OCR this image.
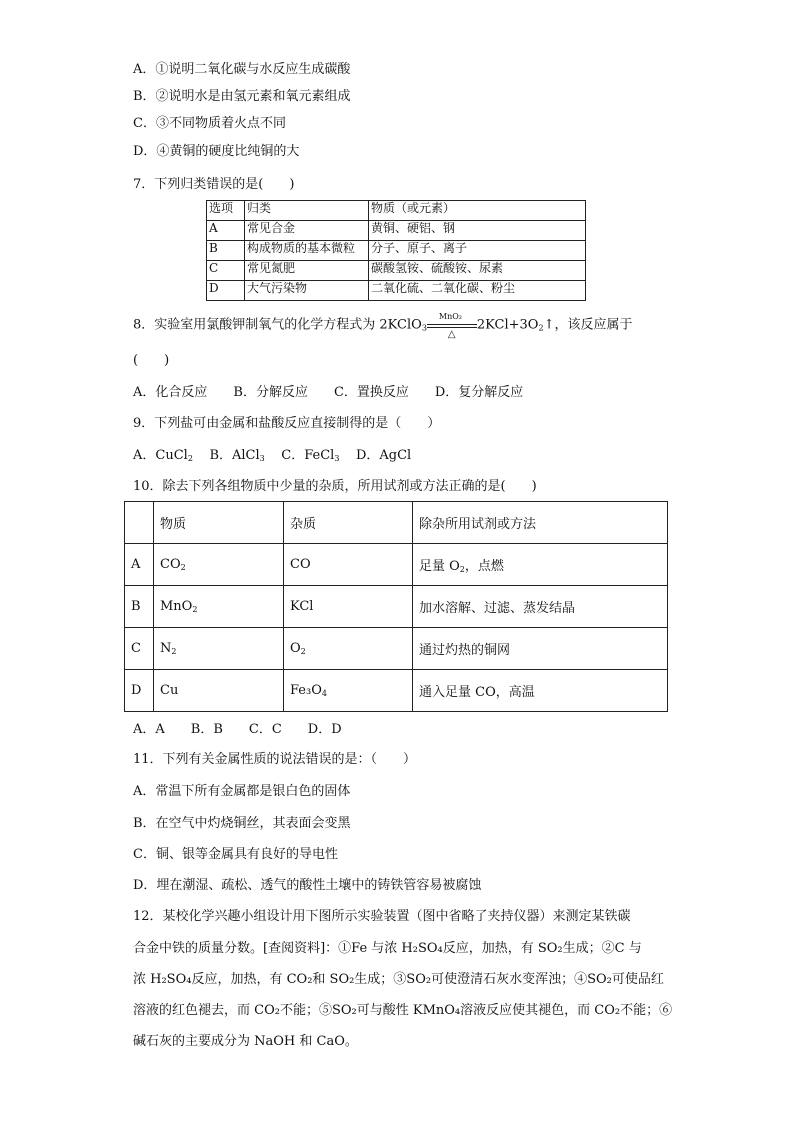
A．①说明二氧化碳与水反应生成碳酸
B．②说明水是由氢元素和氧元素组成
C．③不同物质着火点不同
D．④黄铜的硬度比纯铜的大
7．下列归类错误的是(　　)
选项	归类	物质（或元素）
A	常见合金	黄铜、硬铝、钢
B	构成物质的基本微粒	分子、原子、离子
C	常见氮肥	碳酸氢铵、硫酸铵、尿素
D	大气污染物	二氧化硫、二氧化碳、粉尘
8．实验室用氯酸钾制氧气的化学方程式为 2KClO$_3$
MnO₂
△
$2KCl+3O_2↑$，该反应属于
(　　)
A．化合反应　　B．分解反应　　C．置换反应　　D．复分解反应
9．下列盐可由金属和盐酸反应直接制得的是（　　）
A．CuCl$_2$ B．AlCl$_3$ C．FeCl$_3$ D．AgCl
10．除去下列各组物质中少量的杂质，所用试剂或方法正确的是(　　)
	物质	杂质	除杂所用试剂或方法
A	$CO_2$	CO	足量 $O_2$，点燃
B	MnO$_2$	KCl	加水溶解、过滤、蒸发结晶
C	$N_2$	$O_2$	通过灼热的铜网
D	Cu	$Fe_3O_4$	通入足量 CO，高温
A．A　　B．B　　C．C　　D．D
11．下列有关金属性质的说法错误的是：（　　）
A．常温下所有金属都是银白色的固体
B．在空气中灼烧铜丝，其表面会变黑
C．铜、银等金属具有良好的导电性
D．埋在潮湿、疏松、透气的酸性土壤中的铸铁管容易被腐蚀
12．某校化学兴趣小组设计用下图所示实验装置（图中省略了夹持仪器）来测定某铁碳
合金中铁的质量分数。[查阅资料]：①Fe 与浓 H₂SO₄反应，加热，有 SO₂生成；②C 与
浓 H₂SO₄反应，加热，有 CO₂和 SO₂生成；③SO₂可使澄清石灰水变浑浊；④SO₂可使品红
溶液的红色褪去，而 CO₂不能；⑤SO₂可与酸性 KMnO₄溶液反应使其褪色，而 CO₂不能；⑥
碱石灰的主要成分为 NaOH 和 CaO。
